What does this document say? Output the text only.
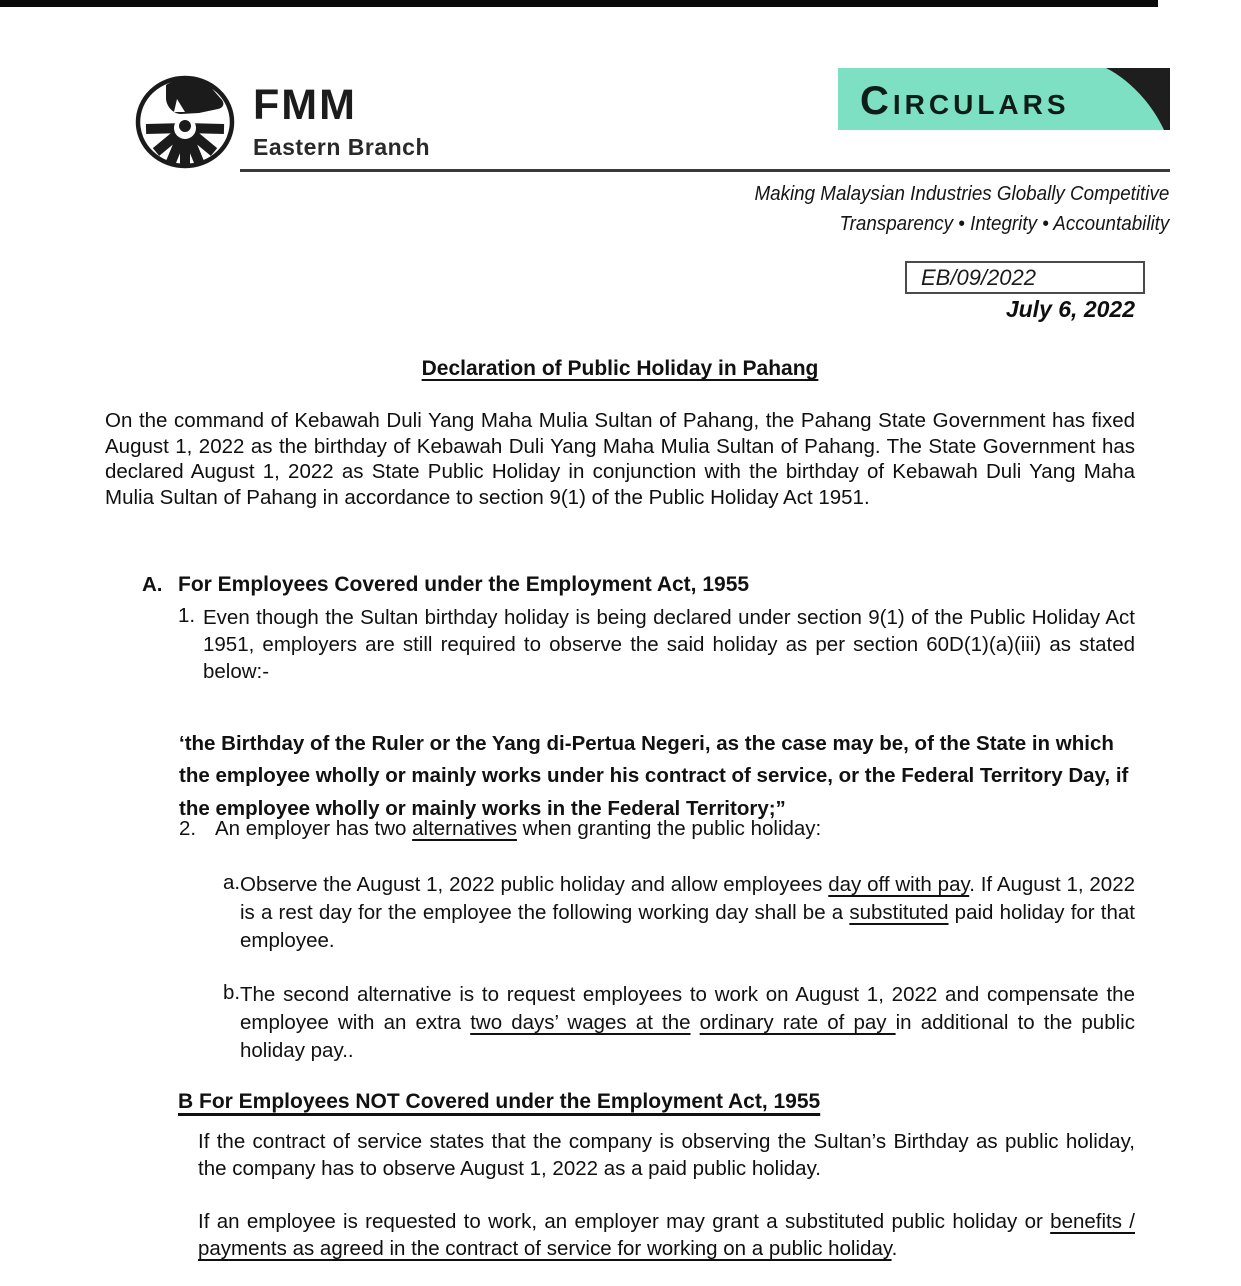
FMM
Eastern Branch
CIRCULARS
Making Malaysian Industries Globally Competitive
Transparency • Integrity • Accountability
EB/09/2022
July 6, 2022
Declaration of Public Holiday in Pahang

On the command of Kebawah Duli Yang Maha Mulia Sultan of Pahang, the Pahang State Government has fixed August 1, 2022 as the birthday of Kebawah Duli Yang Maha Mulia Sultan of Pahang. The State Government has declared August 1, 2022 as State Public Holiday in conjunction with the birthday of Kebawah Duli Yang Maha Mulia Sultan of Pahang in accordance to section 9(1) of the Public Holiday Act 1951.

A. For Employees Covered under the Employment Act, 1955
1. Even though the Sultan birthday holiday is being declared under section 9(1) of the Public Holiday Act 1951, employers are still required to observe the said holiday as per section 60D(1)(a)(iii) as stated below:-

‘the Birthday of the Ruler or the Yang di-Pertua Negeri, as the case may be, of the State in which the employee wholly or mainly works under his contract of service, or the Federal Territory Day, if the employee wholly or mainly works in the Federal Territory;”

2. An employer has two alternatives when granting the public holiday:
a. Observe the August 1, 2022 public holiday and allow employees day off with pay. If August 1, 2022 is a rest day for the employee the following working day shall be a substituted paid holiday for that employee.
b. The second alternative is to request employees to work on August 1, 2022 and compensate the employee with an extra two days’ wages at the ordinary rate of pay in additional to the public holiday pay..
B For Employees NOT Covered under the Employment Act, 1955

If the contract of service states that the company is observing the Sultan’s Birthday as public holiday, the company has to observe August 1, 2022 as a paid public holiday.

If an employee is requested to work, an employer may grant a substituted public holiday or benefits / payments as agreed in the contract of service for working on a public holiday.
